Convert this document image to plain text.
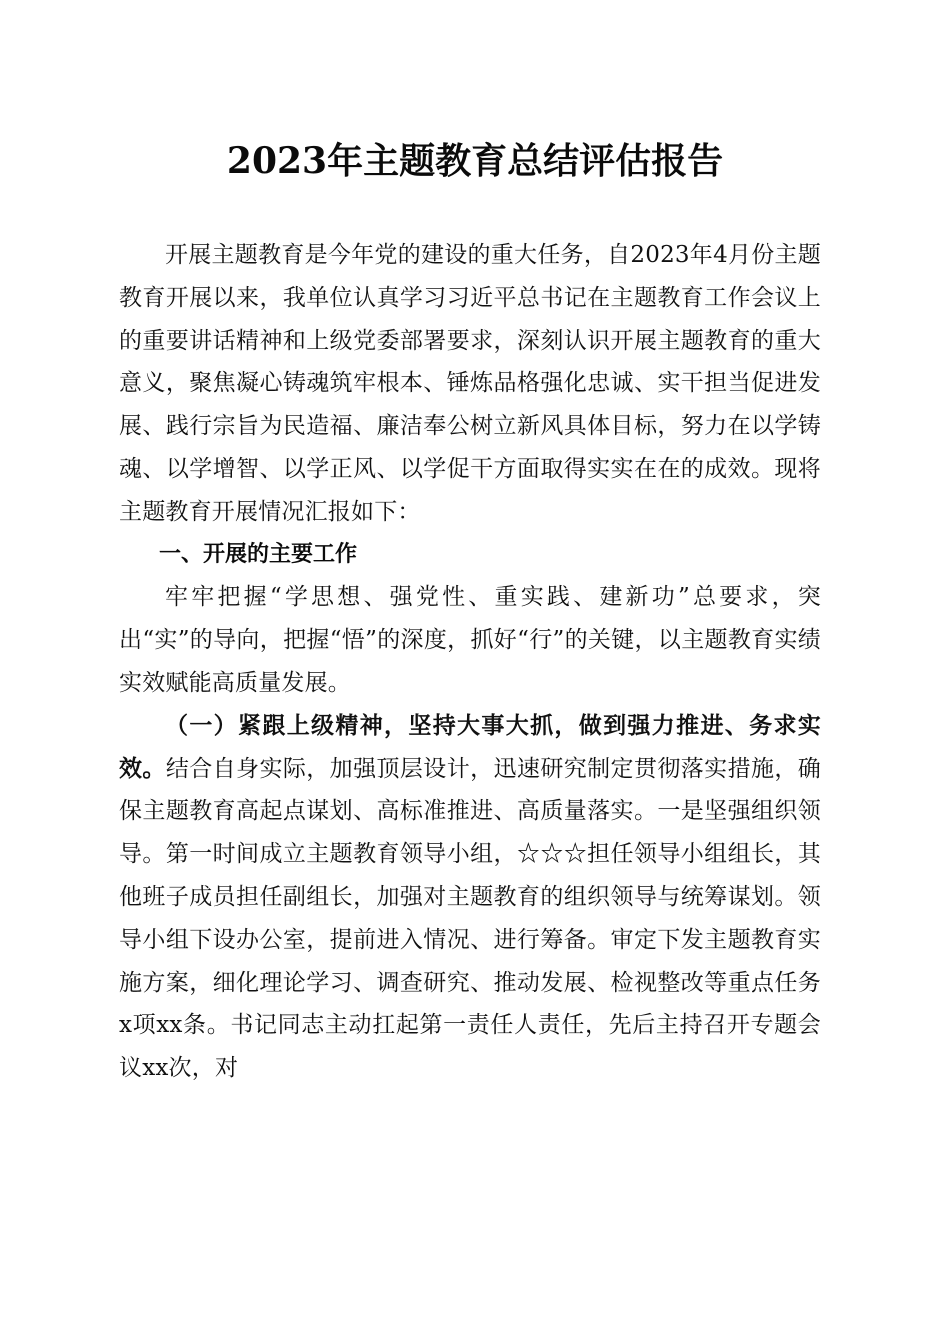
2023年主题教育总结评估报告

开展主题教育是今年党的建设的重大任务，自2023年4月份主题教育开展以来，我单位认真学习习近平总书记在主题教育工作会议上的重要讲话精神和上级党委部署要求，深刻认识开展主题教育的重大意义，聚焦凝心铸魂筑牢根本、锤炼品格强化忠诚、实干担当促进发展、践行宗旨为民造福、廉洁奉公树立新风具体目标，努力在以学铸魂、以学增智、以学正风、以学促干方面取得实实在在的成效。现将主题教育开展情况汇报如下：

一、开展的主要工作

牢牢把握“学思想、强党性、重实践、建新功”总要求，突出“实”的导向，把握“悟”的深度，抓好“行”的关键，以主题教育实绩实效赋能高质量发展。

（一）紧跟上级精神，坚持大事大抓，做到强力推进、务求实效。结合自身实际，加强顶层设计，迅速研究制定贯彻落实措施，确保主题教育高起点谋划、高标准推进、高质量落实。一是坚强组织领导。第一时间成立主题教育领导小组，☆☆☆担任领导小组组长，其他班子成员担任副组长，加强对主题教育的组织领导与统筹谋划。领导小组下设办公室，提前进入情况、进行筹备。审定下发主题教育实施方案，细化理论学习、调查研究、推动发展、检视整改等重点任务x项xx条。书记同志主动扛起第一责任人责任，先后主持召开专题会议xx次，对
